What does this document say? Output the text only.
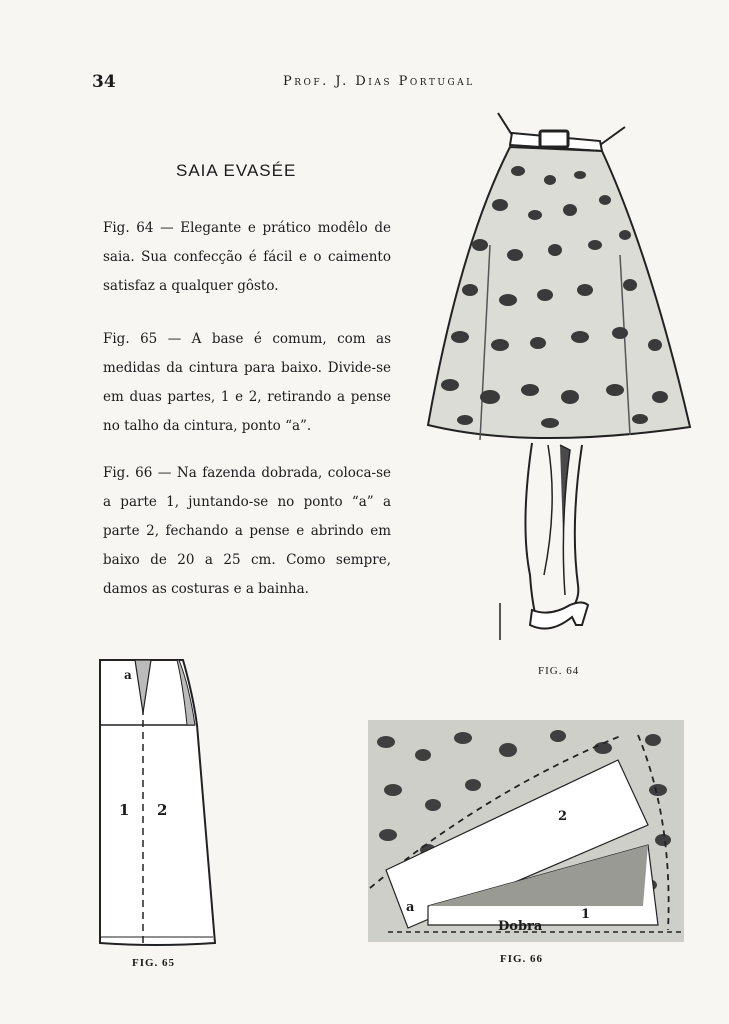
34	Prof. J. Dias Portugal
SAIA EVASÉE
Fig. 64 — Elegante e prático modêlo de saia. Sua confecção é fácil e o caimento satisfaz a qualquer gôsto.
Fig. 65 — A base é comum, com as medidas da cintura para baixo. Divide-se em duas partes, 1 e 2, retirando a pense no talho da cintura, ponto “a”.
Fig. 66 — Na fazenda dobrada, coloca-se a parte 1, juntando-se no ponto “a” a parte 2, fechando a pense e abrindo em baixo de 20 a 25 cm. Como sempre, damos as costuras e a bainha.
FIG. 64
a
1 2
FIG. 65
2
a	1
Dobra
FIG. 66
